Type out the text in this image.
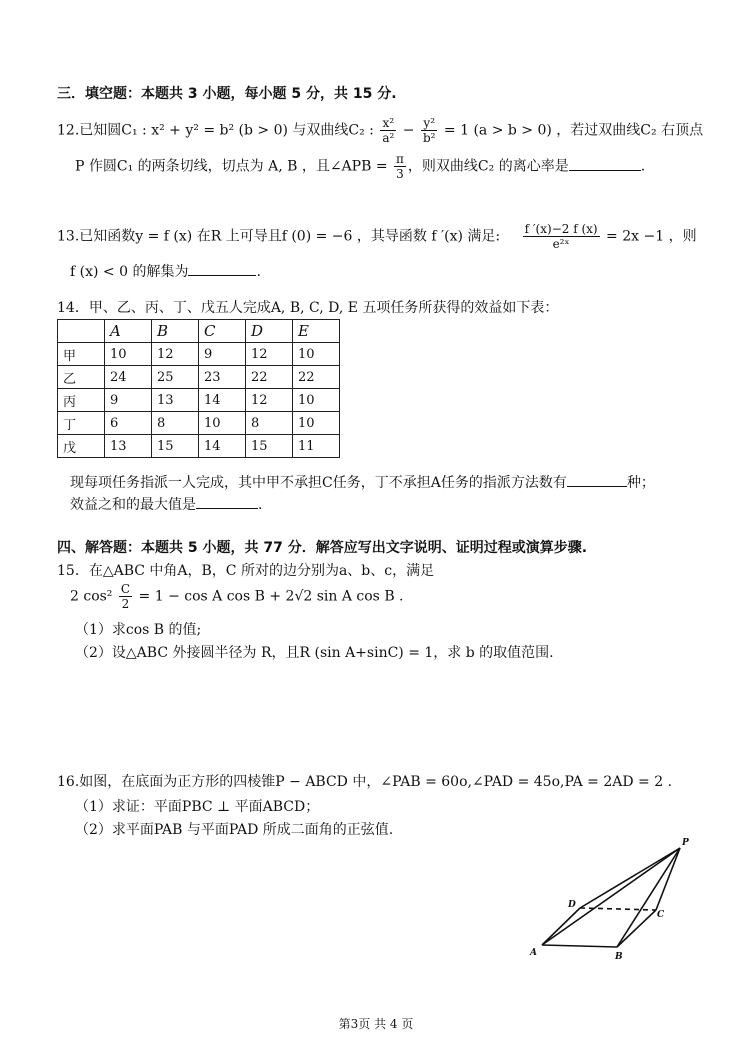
三．填空题：本题共 3 小题，每小题 5 分，共 15 分.
12.已知圆C₁ : x² + y² = b² (b > 0) 与双曲线C₂ : $\frac{\text{x²}}{\text{a²}} - \frac{\text{y²}}{\text{b²}} = 1$ (a > b > 0) ，若过双曲线C₂ 右顶点
P 作圆C₁ 的两条切线，切点为 A, B ，且∠APB = $\frac{\pi}{3}$ ，则双曲线C₂ 的离心率是	.
13.已知函数y = f (x) 在R 上可导且f (0) = −6 ，其导函数 f ′(x) 满足: $\frac{f '(x)-2 f (x)}{\text{e²ˣ}} = 2x -1$ ，则
f (x) < 0 的解集为	.
14．甲、乙、丙、丁、戊五人完成A, B, C, D, E 五项任务所获得的效益如下表：
	A	B	C	D	E
甲	10	12	9	12	10
乙	24	25	23	22	22
丙	9	13	14	12	10
丁	6	8	10	8	10
戊	13	15	14	15	11
现每项任务指派一人完成，其中甲不承担C任务，丁不承担A任务的指派方法数有	种；
效益之和的最大值是	.
四、解答题：本题共 5 小题，共 77 分．解答应写出文字说明、证明过程或演算步骤.
15．在△ABC 中角A，B，C 所对的边分别为a、b、c，满足
2 $\cos^2 \frac{C}{2} = 1 - \cos A$ cos B + 2√2 sin A cos B .
（1）求cos B 的值;
（2）设△ABC 外接圆半径为 R，且R (sin A+sinC) = 1，求 b 的取值范围.
16.如图，在底面为正方形的四棱锥P − ABCD 中，∠PAB = 60o,∠PAD = 45o,PA = 2AD = 2 .
（1）求证：平面PBC ⊥ 平面ABCD；
（2）求平面PAB 与平面PAD 所成二面角的正弦值.
P
D
C
A	B
第3页 共 4 页
